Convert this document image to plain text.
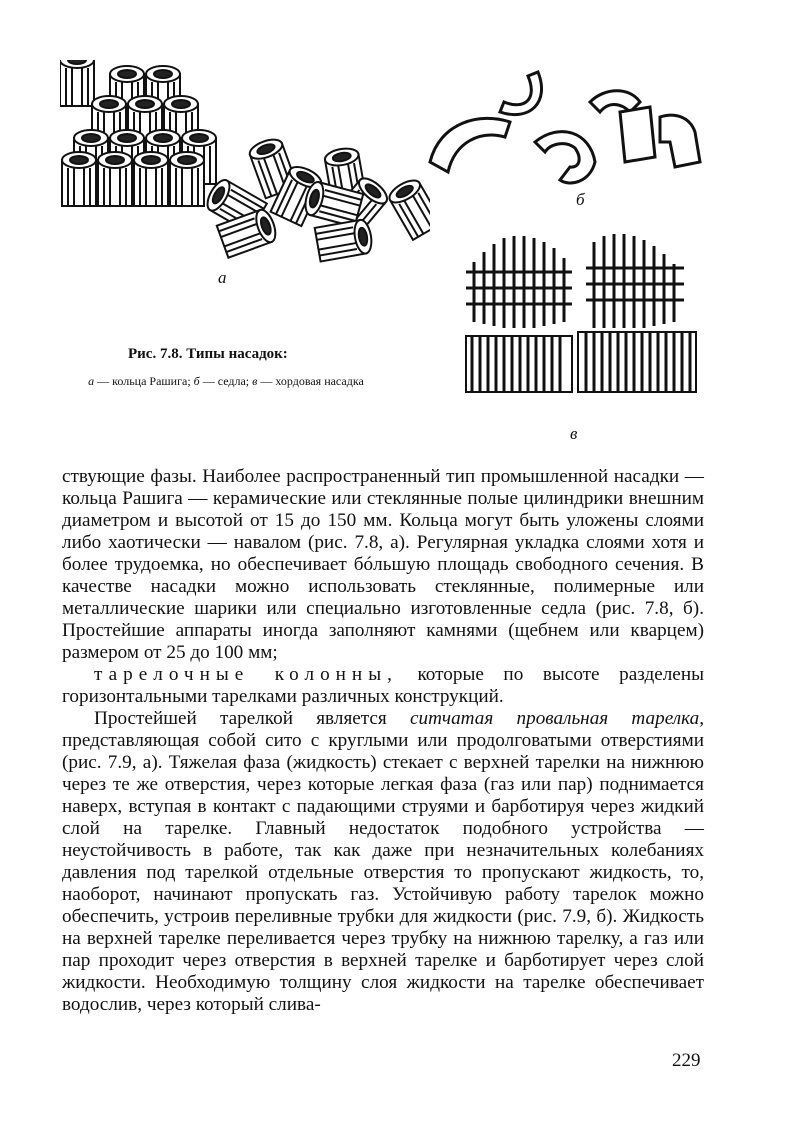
а
б
в
Рис. 7.8. Типы насадок:
а — кольца Рашига; б — седла; в — хордовая насадка

ствующие фазы. Наиболее распространенный тип промышленной насадки — кольца Рашига — керамические или стеклянные полые цилиндрики внешним диаметром и высотой от 15 до 150 мм. Кольца могут быть уложены слоями либо хаотически — навалом (рис. 7.8, а). Регулярная укладка слоями хотя и более трудоемка, но обеспечивает бóльшую площадь свободного сечения. В качестве насадки можно использовать стеклянные, полимерные или металлические шарики или специально изготовленные седла (рис. 7.8, б). Простейшие аппараты иногда заполняют камнями (щебнем или кварцем) размером от 25 до 100 мм;

тарелочные колонны, которые по высоте разделены горизонтальными тарелками различных конструкций.

Простейшей тарелкой является ситчатая провальная тарелка, представляющая собой сито с круглыми или продолговатыми отверстиями (рис. 7.9, а). Тяжелая фаза (жидкость) стекает с верхней тарелки на нижнюю через те же отверстия, через которые легкая фаза (газ или пар) поднимается наверх, вступая в контакт с падающими струями и барботируя через жидкий слой на тарелке. Главный недостаток подобного устройства — неустойчивость в работе, так как даже при незначительных колебаниях давления под тарелкой отдельные отверстия то пропускают жидкость, то, наоборот, начинают пропускать газ. Устойчивую работу тарелок можно обеспечить, устроив переливные трубки для жидкости (рис. 7.9, б). Жидкость на верхней тарелке переливается через трубку на нижнюю тарелку, а газ или пар проходит через отверстия в верхней тарелке и барботирует через слой жидкости. Необходимую толщину слоя жидкости на тарелке обеспечивает водослив, через который слива-

229
